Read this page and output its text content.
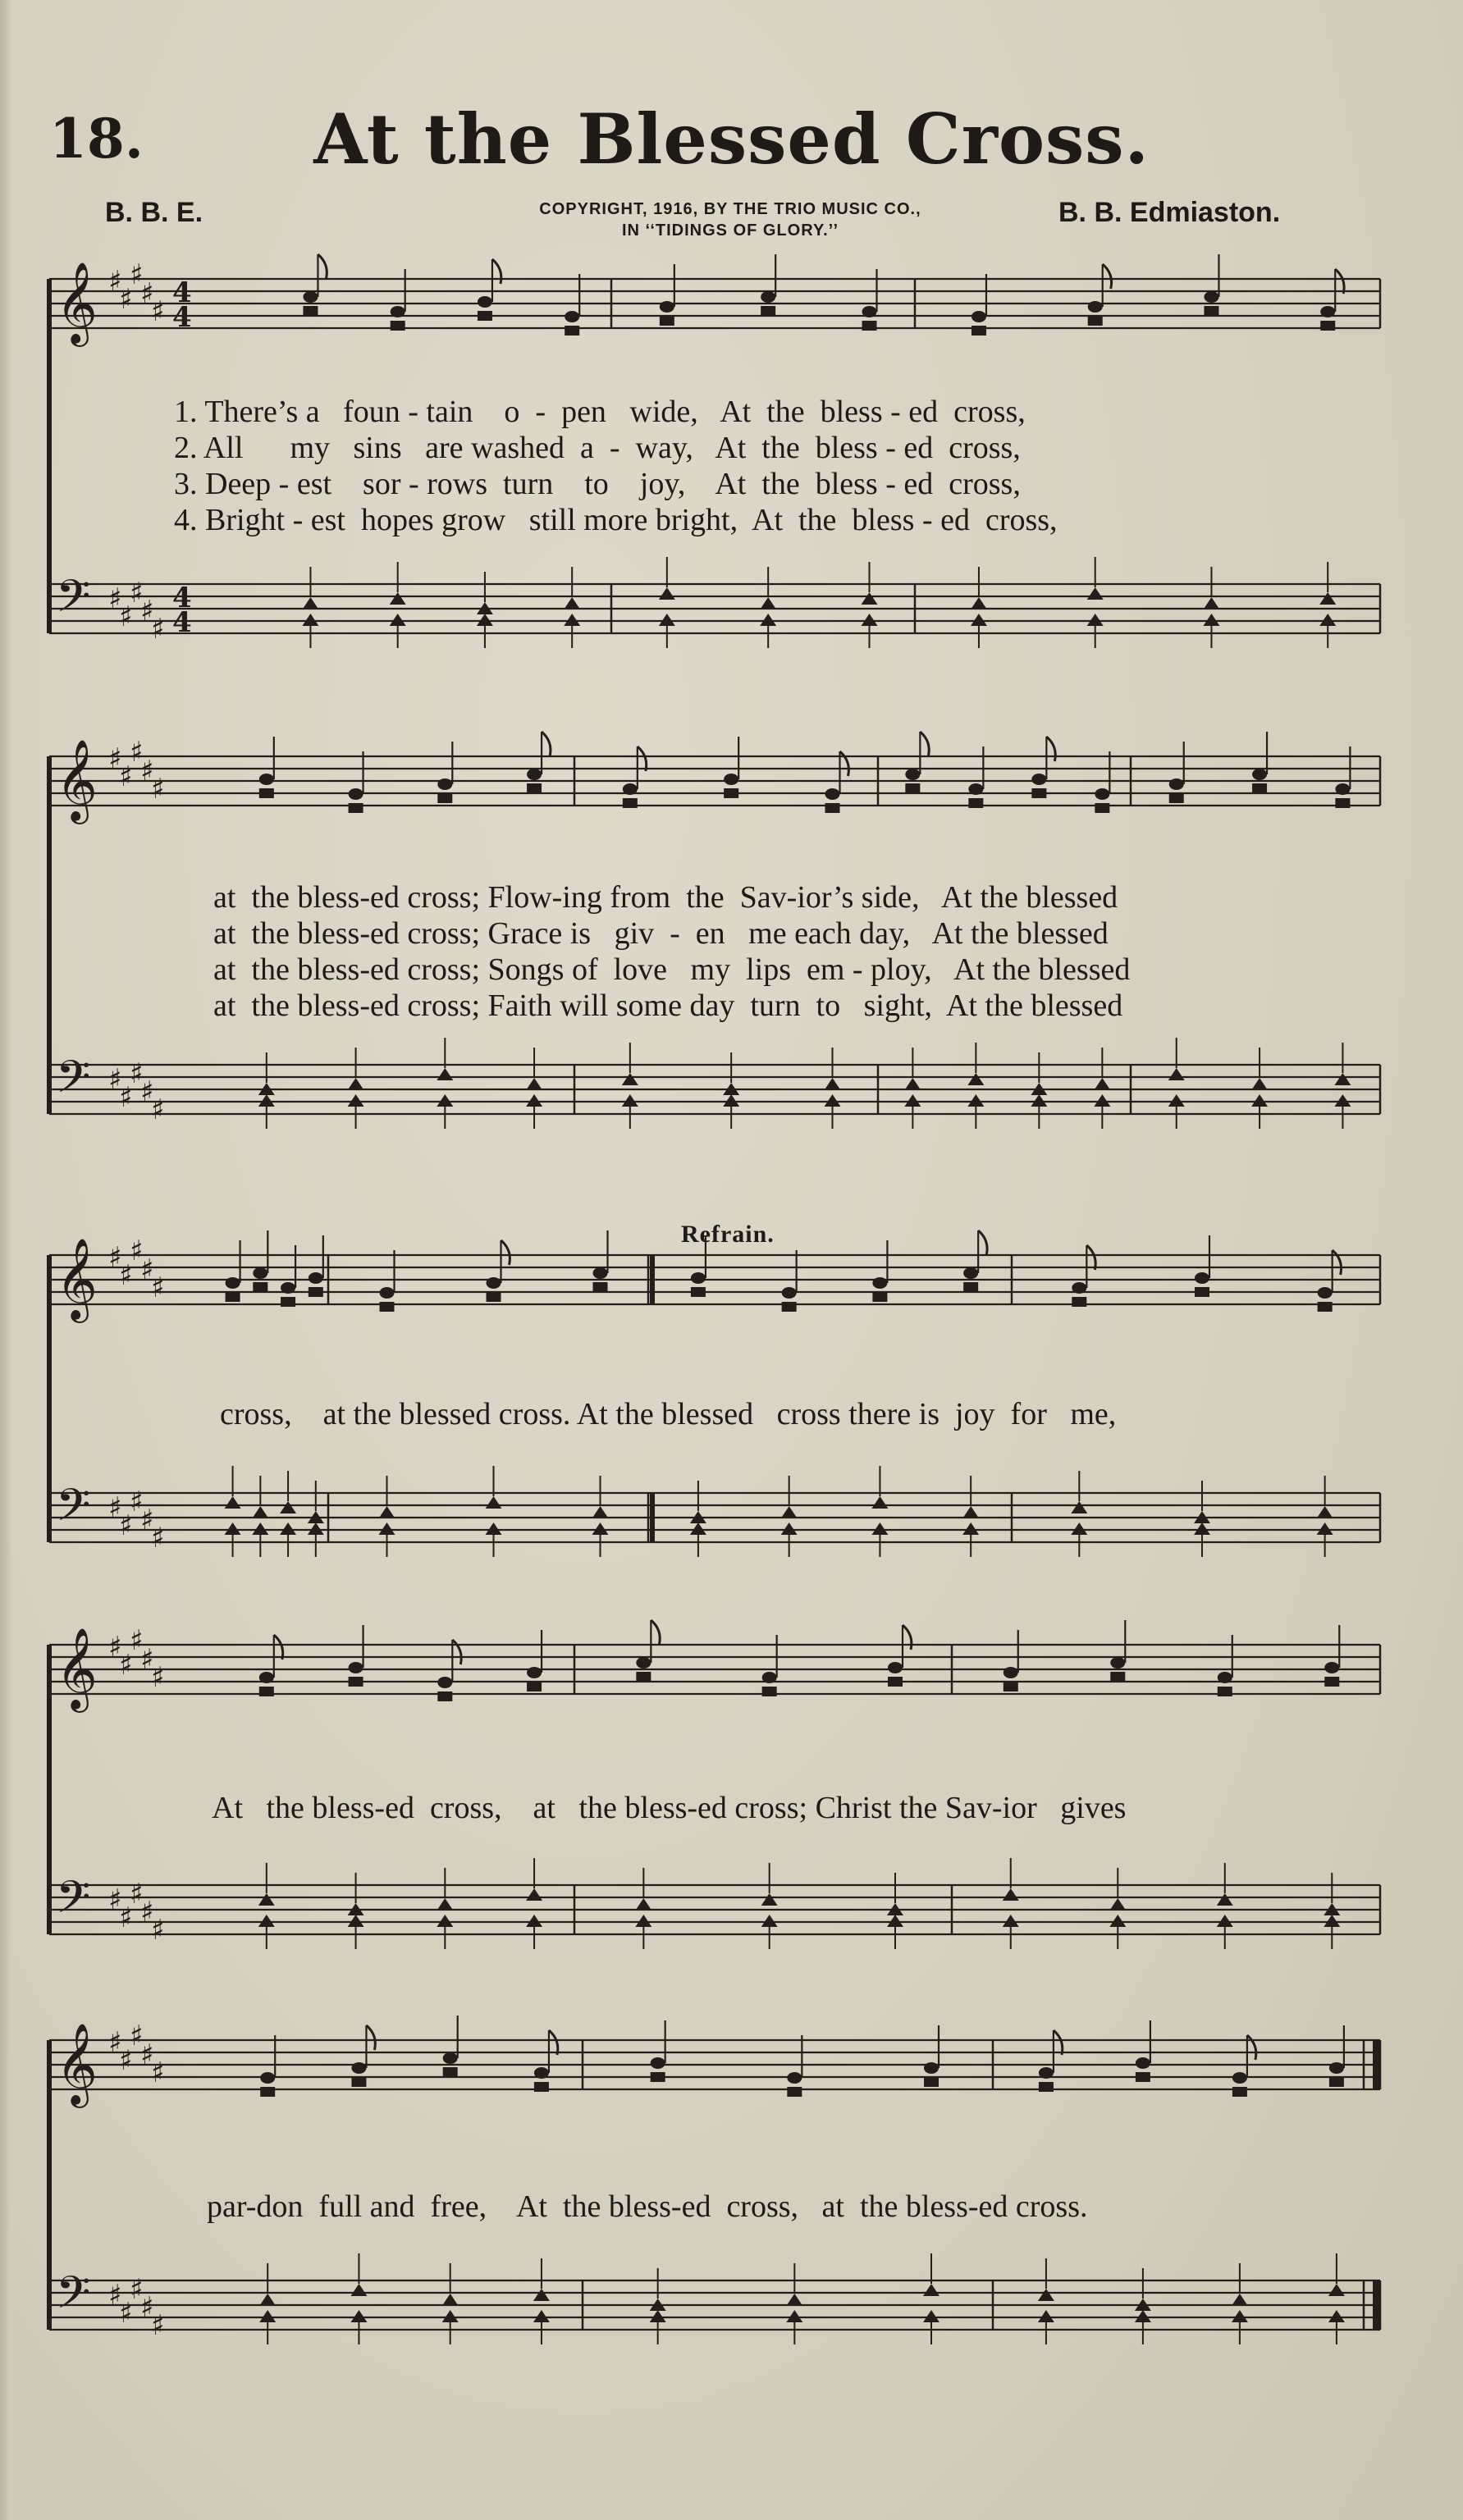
18.	At the Blessed Cross.
B. B. E.	COPYRIGHT, 1916, BY THE TRIO MUSIC CO.,
IN ‘‘TIDINGS OF GLORY.’’
B. B. Edmiaston.
Refrain.

1. There’s a   foun - tain    o  -  pen   wide,   At  the  bless - ed  cross,

2. All      my   sins   are washed  a  -  way,   At  the  bless - ed  cross,

3. Deep - est    sor - rows  turn    to    joy,    At  the  bless - ed  cross,

4. Bright - est  hopes grow   still more bright,  At  the  bless - ed  cross,

at  the bless-ed cross; Flow-ing from  the  Sav-ior’s side,   At the blessed

at  the bless-ed cross; Grace is   giv  -  en   me each day,   At the blessed

at  the bless-ed cross; Songs of  love   my  lips  em - ploy,   At the blessed

at  the bless-ed cross; Faith will some day  turn  to   sight,  At the blessed

cross,    at the blessed cross. At the blessed   cross there is  joy  for   me,

At   the bless-ed  cross,    at   the bless-ed cross; Christ the Sav-ior   gives

par-don  full and  free,    At  the bless-ed  cross,   at  the bless-ed cross.

𝄞
𝄢
♯
♯
♯
♯
♯
♯
♯
♯
♯
♯
4
4
4
4
𝄞
𝄢
♯
♯
♯
♯
♯
♯
♯
♯
♯
♯
𝄞
𝄢
♯
♯
♯
♯
♯
♯
♯
♯
♯
♯
𝄞
𝄢
♯
♯
♯
♯
♯
♯
♯
♯
♯
♯
𝄞
𝄢
♯
♯
♯
♯
♯
♯
♯
♯
♯
♯
